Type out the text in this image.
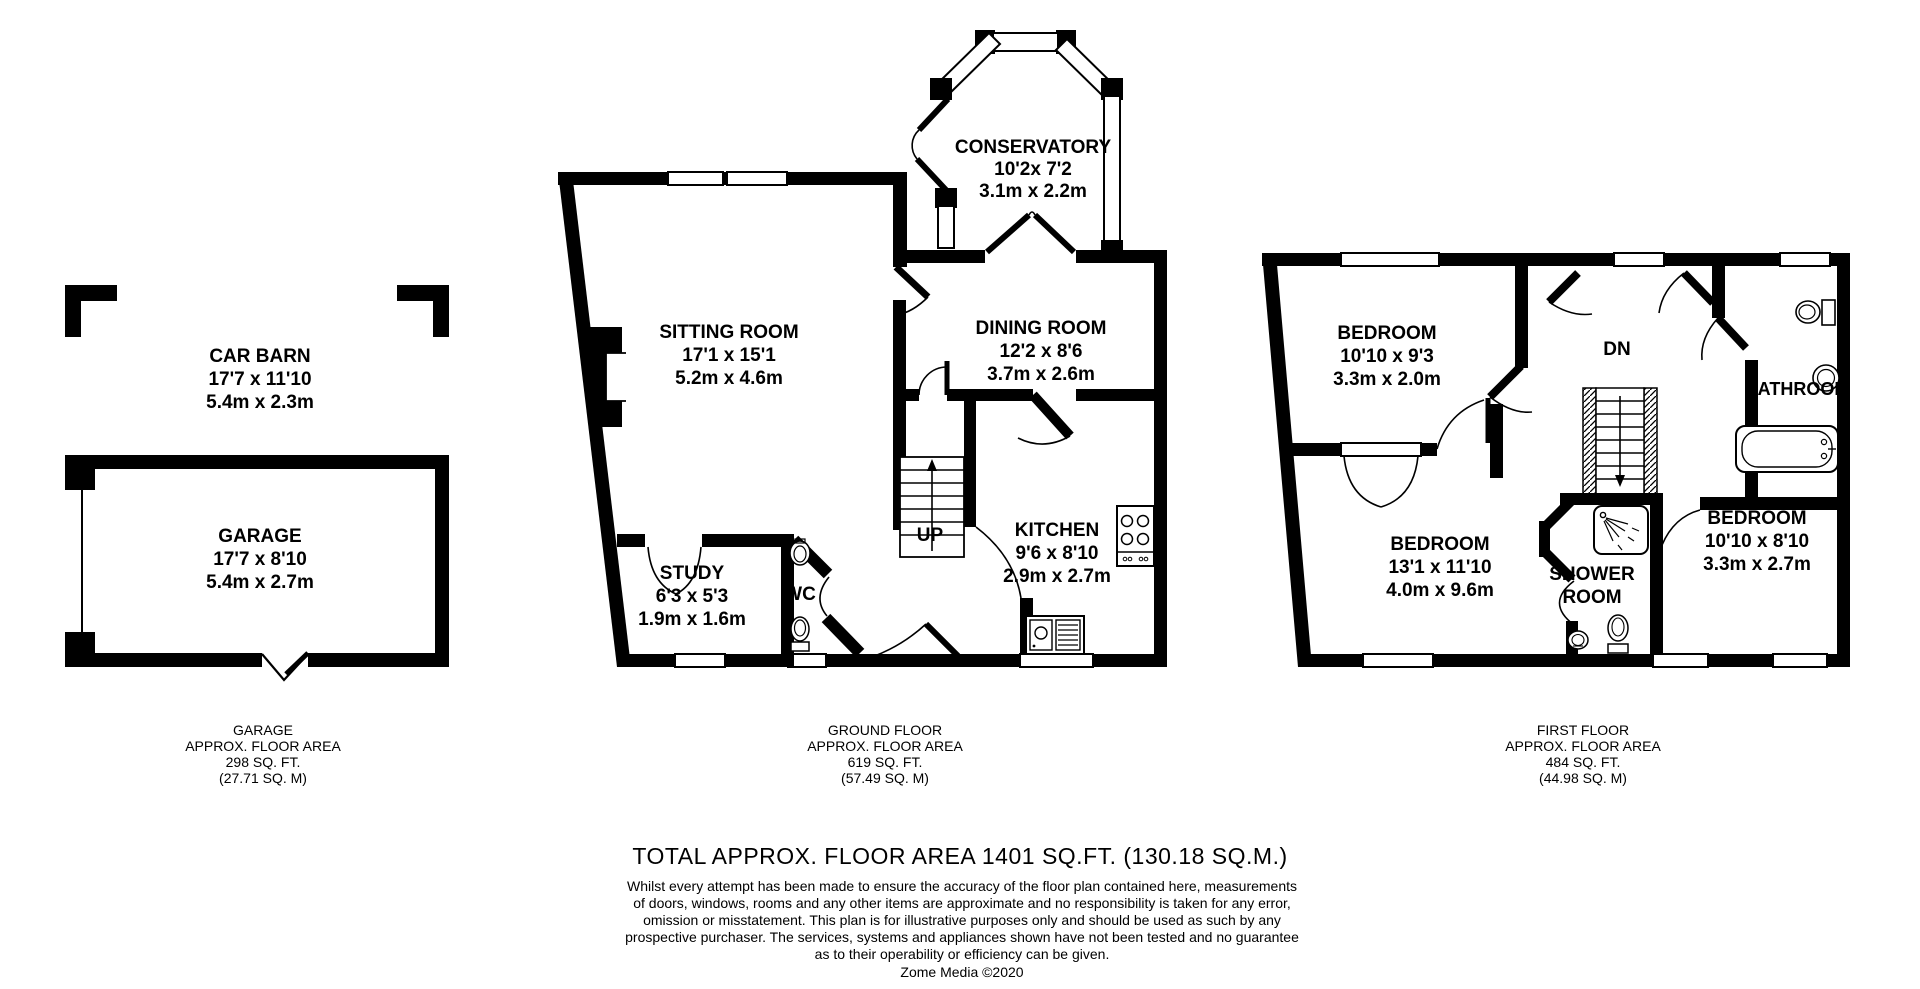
CAR BARN
17'7 x 11'10
5.4m x 2.3m
GARAGE
17'7 x 8'10
5.4m x 2.7m
CONSERVATORY
10'2x 7'2
3.1m x 2.2m
SITTING ROOM
17'1 x 15'1
5.2m x 4.6m
DINING ROOM
12'2 x 8'6
3.7m x 2.6m
STUDY
6'3 x 5'3
1.9m x 1.6m
WC
UP	KITCHEN
9'6 x 8'10
2.9m x 2.7m
BEDROOM
10'10 x 9'3
3.3m x 2.0m
DN
BATHROOM
BEDROOM
13'1 x 11'10
4.0m x 9.6m
SHOWER
ROOM
BEDROOM
10'10 x 8'10
3.3m x 2.7m
GARAGE
APPROX. FLOOR AREA
298 SQ. FT.
(27.71 SQ. M)
GROUND FLOOR
APPROX. FLOOR AREA
619 SQ. FT.
(57.49 SQ. M)
FIRST FLOOR
APPROX. FLOOR AREA
484 SQ. FT.
(44.98 SQ. M)
TOTAL APPROX. FLOOR AREA 1401 SQ.FT. (130.18 SQ.M.)
Whilst every attempt has been made to ensure the accuracy of the floor plan contained here, measurements
of doors, windows, rooms and any other items are approximate and no responsibility is taken for any error,
omission or misstatement. This plan is for illustrative purposes only and should be used as such by any
prospective purchaser. The services, systems and appliances shown have not been tested and no guarantee
as to their operability or efficiency can be given.
Zome Media ©2020
